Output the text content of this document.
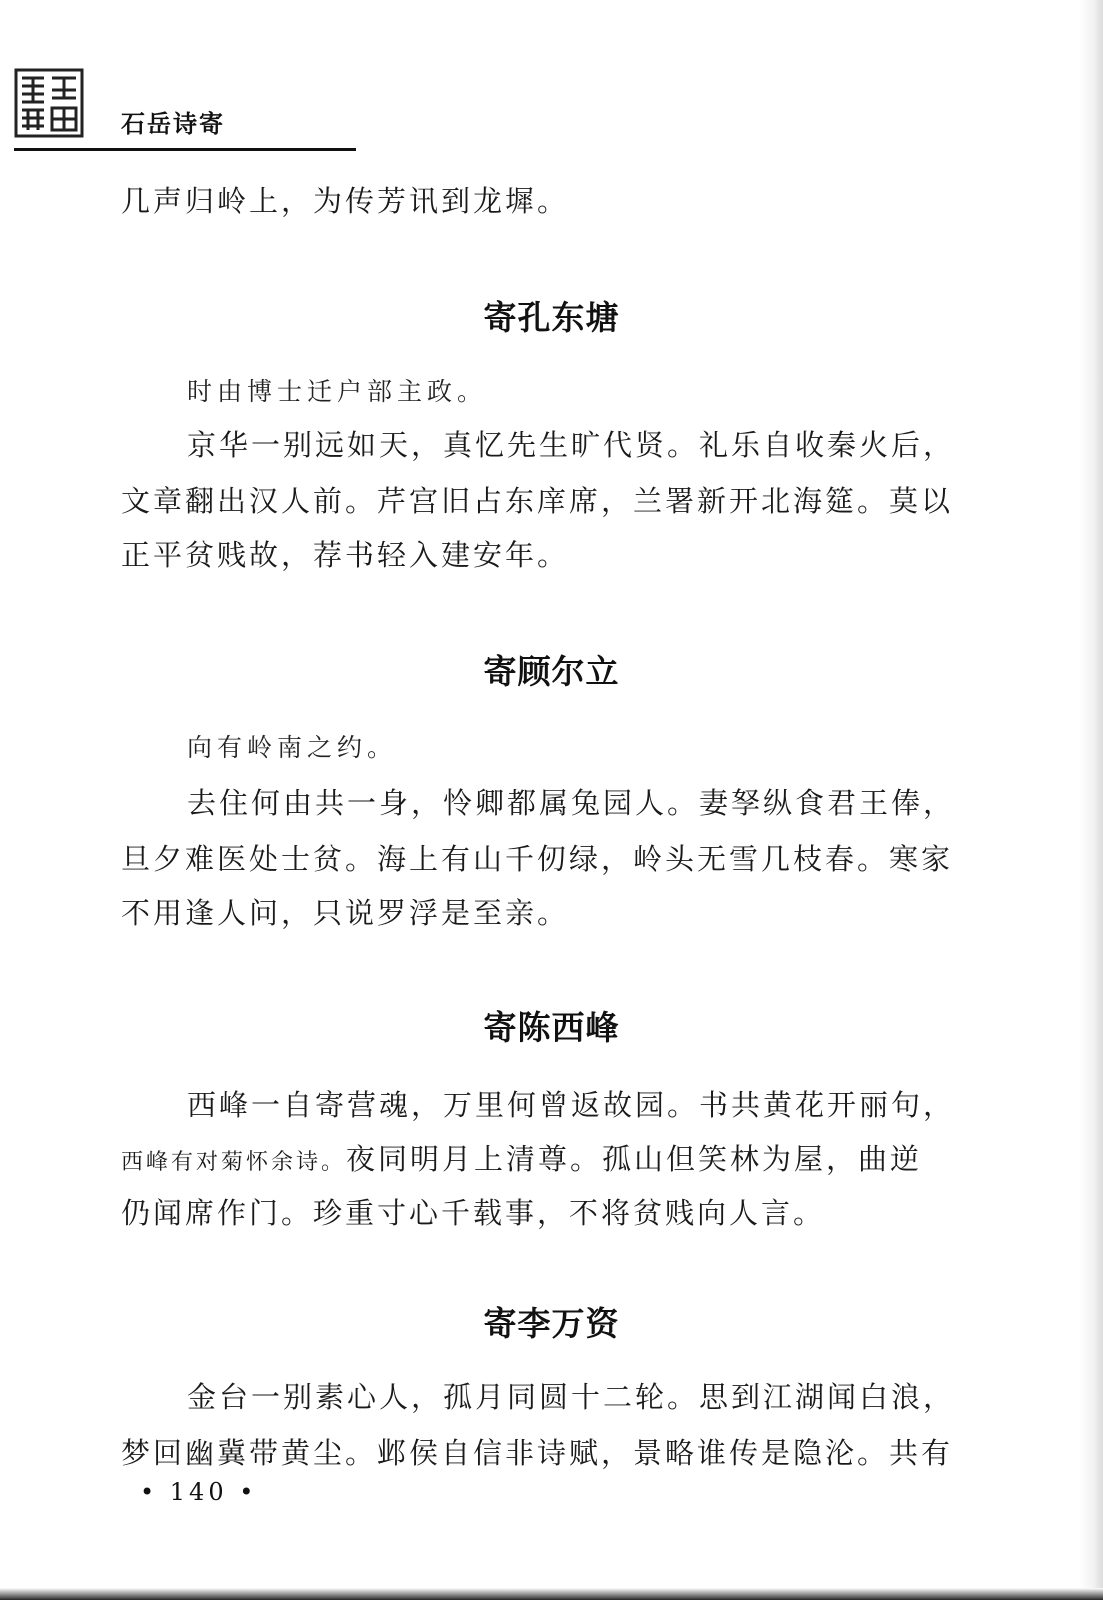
石岳诗寄
几声归岭上，为传芳讯到龙墀。
寄孔东塘
时由博士迁户部主政。
京华一别远如天，真忆先生旷代贤。礼乐自收秦火后，
文章翻出汉人前。芹宫旧占东庠席，兰署新开北海筵。莫以
正平贫贱故，荐书轻入建安年。
寄顾尔立
向有岭南之约。
去住何由共一身，怜卿都属兔园人。妻孥纵食君王俸，
旦夕难医处士贫。海上有山千仞绿，岭头无雪几枝春。寒家
不用逢人问，只说罗浮是至亲。
寄陈西峰
西峰一自寄营魂，万里何曾返故园。书共黄花开丽句，
西峰有对菊怀余诗。夜同明月上清尊。孤山但笑林为屋，曲逆
仍闻席作门。珍重寸心千载事，不将贫贱向人言。
寄李万资
金台一别素心人，孤月同圆十二轮。思到江湖闻白浪，
梦回幽冀带黄尘。邺侯自信非诗赋，景略谁传是隐沦。共有
• 140 •
